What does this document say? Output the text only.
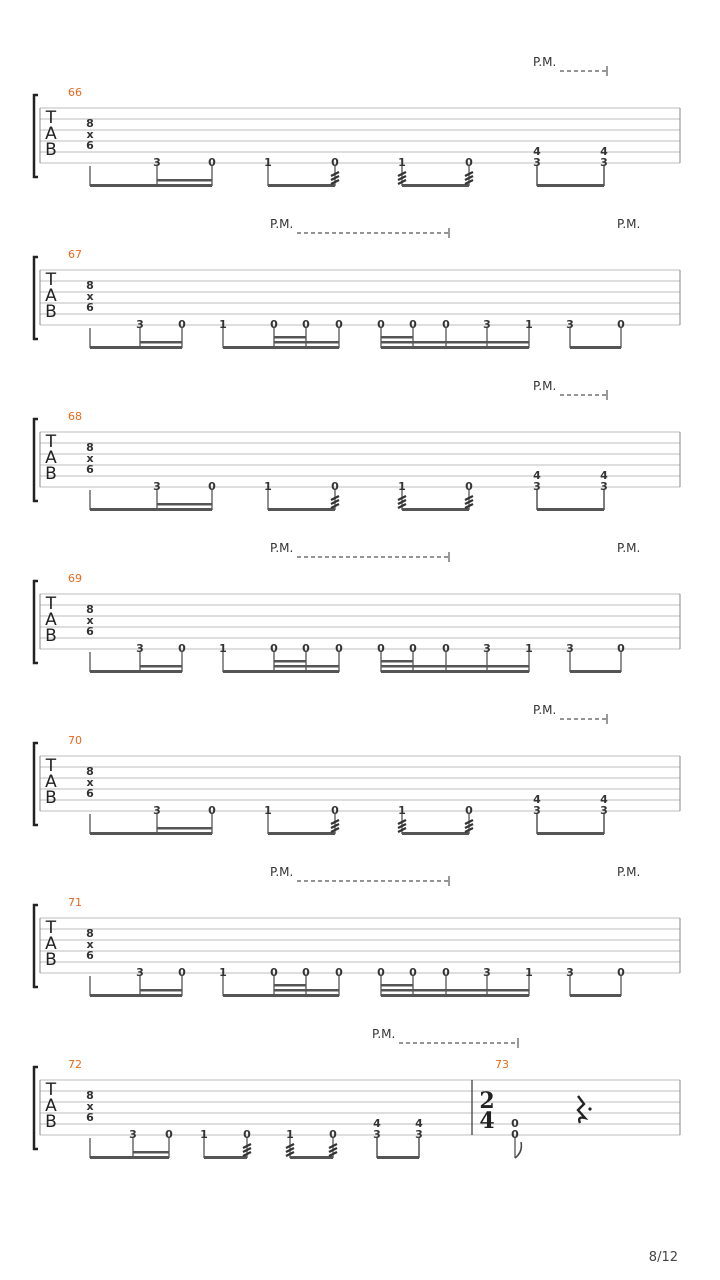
T
A
B
66
8
x
6
3	0	1	0	1	0
4
3
4
3
P.M.
T
A
B
67
8
x
6
3	0	1	0 0 0	0 0 0	3	1	3	0
P.M.	P.M.
T
A
B
68
8
x
6
3	0	1	0	1	0
4
3
4
3
P.M.
T
A
B
69
8
x
6
3	0	1	0 0 0	0 0 0	3	1	3	0
P.M.	P.M.
T
A
B
70
8
x
6
3	0	1	0	1	0
4
3
4
3
P.M.
T
A
B
71
8
x
6
3	0	1	0 0 0	0 0 0	3	1	3	0
P.M.	P.M.
T
A
B
72
8
x
6
3	0 1	0	1	0
4
3
4
3
P.M.
73
2
4 0
0
8/12
